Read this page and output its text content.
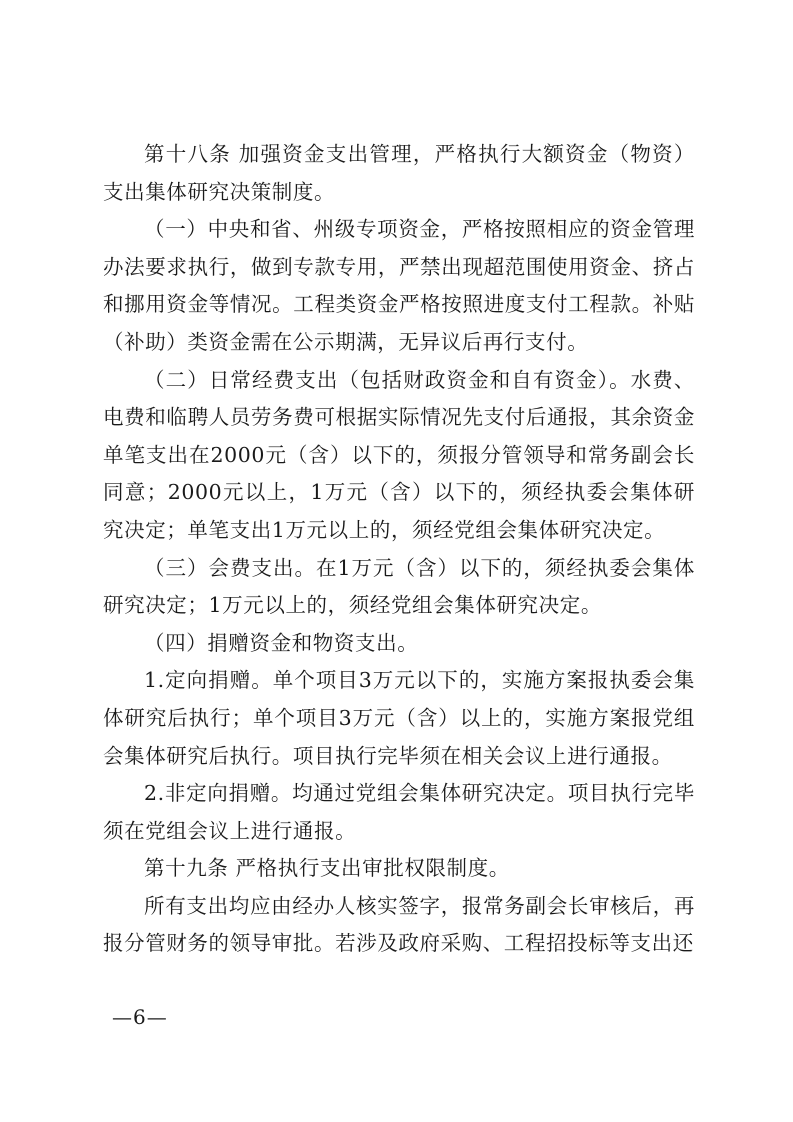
第十八条 加强资金支出管理，严格执行大额资金（物资）支出集体研究决策制度。

（一）中央和省、州级专项资金，严格按照相应的资金管理办法要求执行，做到专款专用，严禁出现超范围使用资金、挤占和挪用资金等情况。工程类资金严格按照进度支付工程款。补贴（补助）类资金需在公示期满，无异议后再行支付。

（二）日常经费支出（包括财政资金和自有资金）。水费、电费和临聘人员劳务费可根据实际情况先支付后通报，其余资金单笔支出在2000元（含）以下的，须报分管领导和常务副会长同意；2000元以上，1万元（含）以下的，须经执委会集体研究决定；单笔支出1万元以上的，须经党组会集体研究决定。

（三）会费支出。在1万元（含）以下的，须经执委会集体研究决定；1万元以上的，须经党组会集体研究决定。

（四）捐赠资金和物资支出。

1.定向捐赠。单个项目3万元以下的，实施方案报执委会集体研究后执行；单个项目3万元（含）以上的，实施方案报党组会集体研究后执行。项目执行完毕须在相关会议上进行通报。

2.非定向捐赠。均通过党组会集体研究决定。项目执行完毕须在党组会议上进行通报。

第十九条 严格执行支出审批权限制度。

所有支出均应由经办人核实签字，报常务副会长审核后，再报分管财务的领导审批。若涉及政府采购、工程招投标等支出还

—6—
